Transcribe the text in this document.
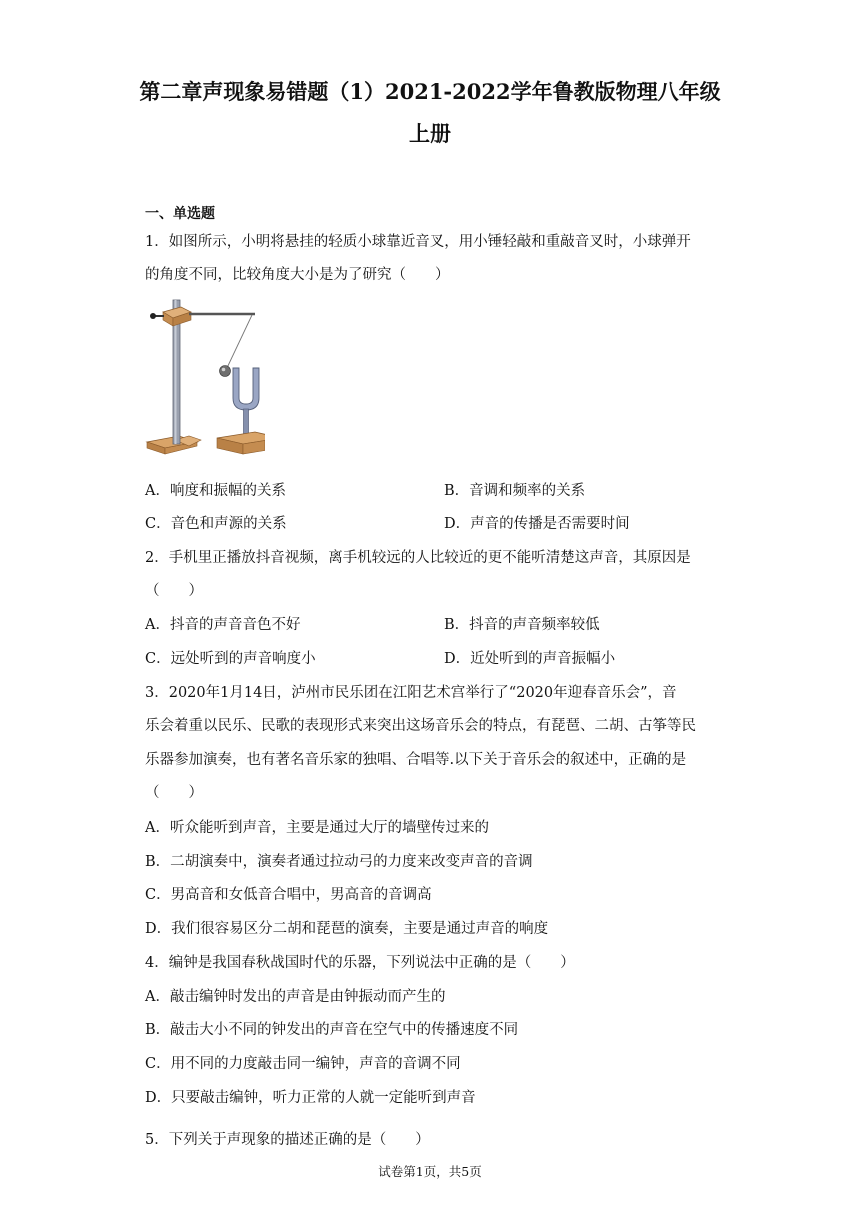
第二章声现象易错题（1）2021-2022学年鲁教版物理八年级
上册
一、单选题
1．如图所示，小明将悬挂的轻质小球靠近音叉，用小锤轻敲和重敲音叉时，小球弹开
的角度不同，比较角度大小是为了研究（　　）
A．响度和振幅的关系	B．音调和频率的关系
C．音色和声源的关系	D．声音的传播是否需要时间
2．手机里正播放抖音视频，离手机较远的人比较近的更不能听清楚这声音，其原因是
（　　）
A．抖音的声音音色不好	B．抖音的声音频率较低
C．远处听到的声音响度小	D．近处听到的声音振幅小
3．2020年1月14日，泸州市民乐团在江阳艺术宫举行了“2020年迎春音乐会”，音
乐会着重以民乐、民歌的表现形式来突出这场音乐会的特点，有琵琶、二胡、古筝等民
乐器参加演奏，也有著名音乐家的独唱、合唱等.以下关于音乐会的叙述中，正确的是
（　　）
A．听众能听到声音，主要是通过大厅的墙壁传过来的
B．二胡演奏中，演奏者通过拉动弓的力度来改变声音的音调
C．男高音和女低音合唱中，男高音的音调高
D．我们很容易区分二胡和琵琶的演奏，主要是通过声音的响度
4．编钟是我国春秋战国时代的乐器，下列说法中正确的是（　　）
A．敲击编钟时发出的声音是由钟振动而产生的
B．敲击大小不同的钟发出的声音在空气中的传播速度不同
C．用不同的力度敲击同一编钟，声音的音调不同
D．只要敲击编钟，听力正常的人就一定能听到声音
5．下列关于声现象的描述正确的是（　　）
试卷第1页，共5页
